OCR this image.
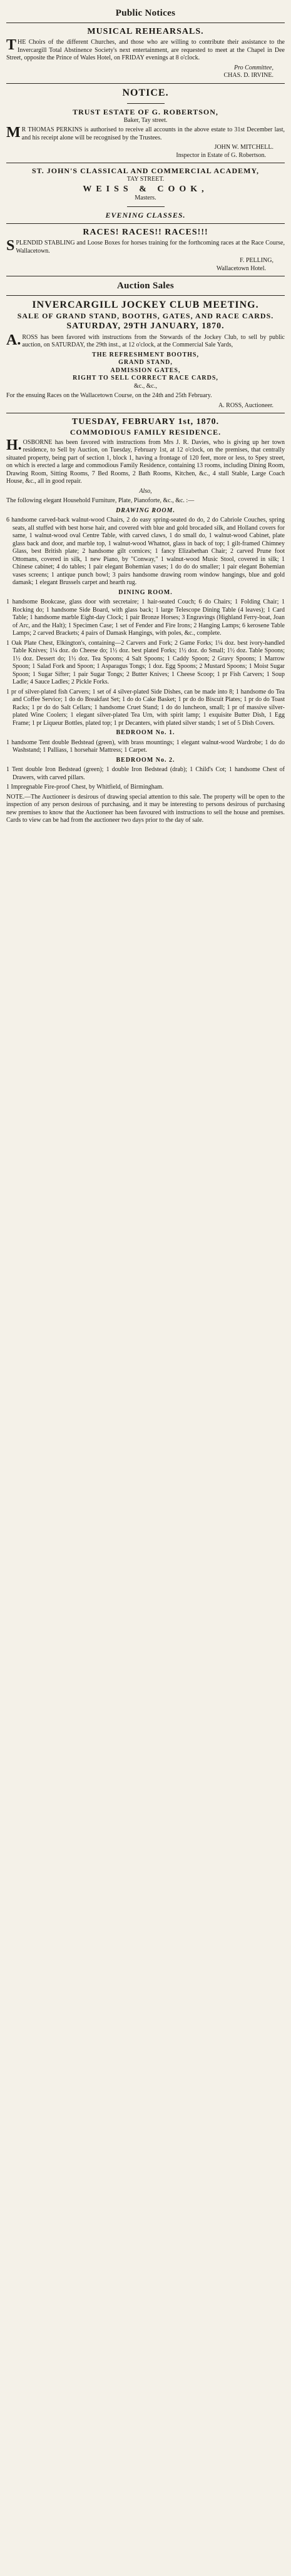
Public Notices
MUSICAL REHEARSALS.

THE Choirs of the different Churches, and those who are willing to contribute their assistance to the Invercargill Total Abstinence Society's next entertainment, are requested to meet at the Chapel in Dee Street, opposite the Prince of Wales Hotel, on FRIDAY evenings at 8 o'clock.

Pro Committee,
CHAS. D. IRVINE.
NOTICE.
TRUST ESTATE OF G. ROBERTSON,
Baker, Tay street.

MR THOMAS PERKINS is authorised to receive all accounts in the above estate to 31st December last, and his receipt alone will be recognised by the Trustees.

JOHN W. MITCHELL.
Inspector in Estate of G. Robertson.
ST. JOHN'S CLASSICAL AND COMMERCIAL ACADEMY,
TAY STREET.
WEISS & COOK,
Masters.
EVENING CLASSES.
RACES! RACES!! RACES!!!

SPLENDID STABLING and Loose Boxes for horses training for the forthcoming races at the Race Course, Wallacetown.

F. PELLING,
Wallacetown Hotel.
Auction Sales
INVERCARGILL JOCKEY CLUB MEETING.
SALE OF GRAND STAND, BOOTHS, GATES, AND RACE CARDS.
SATURDAY, 29TH JANUARY, 1870.

A.ROSS has been favored with instructions from the Stewards of the Jockey Club, to sell by public auction, on SATURDAY, the 29th inst., at 12 o'clock, at the Commercial Sale Yards,

THE REFRESHMENT BOOTHS,
GRAND STAND,
ADMISSION GATES,
RIGHT TO SELL CORRECT RACE CARDS,
&c., &c.,

For the ensuing Races on the Wallacetown Course, on the 24th and 25th February.

A. ROSS, Auctioneer.
TUESDAY, FEBRUARY 1st, 1870.
COMMODIOUS FAMILY RESIDENCE.

H.OSBORNE has been favored with instructions from Mrs J. R. Davies, who is giving up her town residence, to Sell by Auction, on Tuesday, February 1st, at 12 o'clock, on the premises, that centrally situated property, being part of section 1, block 1, having a frontage of 120 feet, more or less, to Spey street, on which is erected a large and commodious Family Residence, containing 13 rooms, including Dining Room, Drawing Room, Sitting Rooms, 7 Bed Rooms, 2 Bath Rooms, Kitchen, &c., 4 stall Stable, Large Coach House, &c., all in good repair.

Also,

The following elegant Household Furniture, Plate, Pianoforte, &c., &c. :—

DRAWING ROOM.

6 handsome carved-back walnut-wood Chairs, 2 do easy spring-seated do do, 2 do Cabriole Couches, spring seats, all stuffed with best horse hair, and covered with blue and gold brocaded silk, and Holland covers for same, 1 walnut-wood oval Centre Table, with carved claws, 1 do small do, 1 walnut-wood Cabinet, plate glass back and door, and marble top, 1 walnut-wood Whatnot, glass in back of top; 1 gilt-framed Chimney Glass, best British plate; 2 handsome gilt cornices; 1 fancy Elizabethan Chair; 2 carved Prune foot Ottomans, covered in silk, 1 new Piano, by "Conway," 1 walnut-wood Music Stool, covered in silk; 1 Chinese cabinet; 4 do tables; 1 pair elegant Bohemian vases; 1 do do do smaller; 1 pair elegant Bohemian vases screens; 1 antique punch bowl; 3 pairs handsome drawing room window hangings, blue and gold damask; 1 elegant Brussels carpet and hearth rug.

DINING ROOM.

1 handsome Bookcase, glass door with secretaire; 1 hair-seated Couch; 6 do Chairs; 1 Folding Chair; 1 Rocking do; 1 handsome Side Board, with glass back; 1 large Telescope Dining Table (4 leaves); 1 Card Table; 1 handsome marble Eight-day Clock; 1 pair Bronze Horses; 3 Engravings (Highland Ferry-boat, Joan of Arc, and the Halt); 1 Specimen Case; 1 set of Fender and Fire Irons; 2 Hanging Lamps; 6 kerosene Table Lamps; 2 carved Brackets; 4 pairs of Damask Hangings, with poles, &c., complete.

1 Oak Plate Chest, Elkington's, containing—2 Carvers and Fork; 2 Game Forks; 1¼ doz. best ivory-handled Table Knives; 1¼ doz. do Cheese do; 1½ doz. best plated Forks; 1½ doz. do Small; 1½ doz. Table Spoons; 1½ doz. Dessert do; 1½ doz. Tea Spoons; 4 Salt Spoons; 1 Caddy Spoon; 2 Gravy Spoons; 1 Marrow Spoon; 1 Salad Fork and Spoon; 1 Asparagus Tongs; 1 doz. Egg Spoons; 2 Mustard Spoons; 1 Moist Sugar Spoon; 1 Sugar Sifter; 1 pair Sugar Tongs; 2 Butter Knives; 1 Cheese Scoop; 1 pr Fish Carvers; 1 Soup Ladle; 4 Sauce Ladles; 2 Pickle Forks.

1 pr of silver-plated fish Carvers; 1 set of 4 silver-plated Side Dishes, can be made into 8; 1 handsome do Tea and Coffee Service; 1 do do Breakfast Set; 1 do do Cake Basket; 1 pr do do Biscuit Plates; 1 pr do do Toast Racks; 1 pr do do Salt Cellars; 1 handsome Cruet Stand; 1 do do luncheon, small; 1 pr of massive silver-plated Wine Coolers; 1 elegant silver-plated Tea Urn, with spirit lamp; 1 exquisite Butter Dish, 1 Egg Frame; 1 pr Liqueur Bottles, plated top; 1 pr Decanters, with plated silver stands; 1 set of 5 Dish Covers.

BEDROOM No. 1.

1 handsome Tent double Bedstead (green), with brass mountings; 1 elegant walnut-wood Wardrobe; 1 do do Washstand; 1 Palliass, 1 horsehair Mattress; 1 Carpet.

BEDROOM No. 2.

1 Tent double Iron Bedstead (green); 1 double Iron Bedstead (drab); 1 Child's Cot; 1 handsome Chest of Drawers, with carved pillars.

1 Impregnable Fire-proof Chest, by Whitfield, of Birmingham.

NOTE.—The Auctioneer is desirous of drawing special attention to this sale. The property will be open to the inspection of any person desirous of purchasing, and it may be interesting to persons desirous of purchasing new premises to know that the Auctioneer has been favoured with instructions to sell the house and premises. Cards to view can be had from the auctioneer two days prior to the day of sale.
